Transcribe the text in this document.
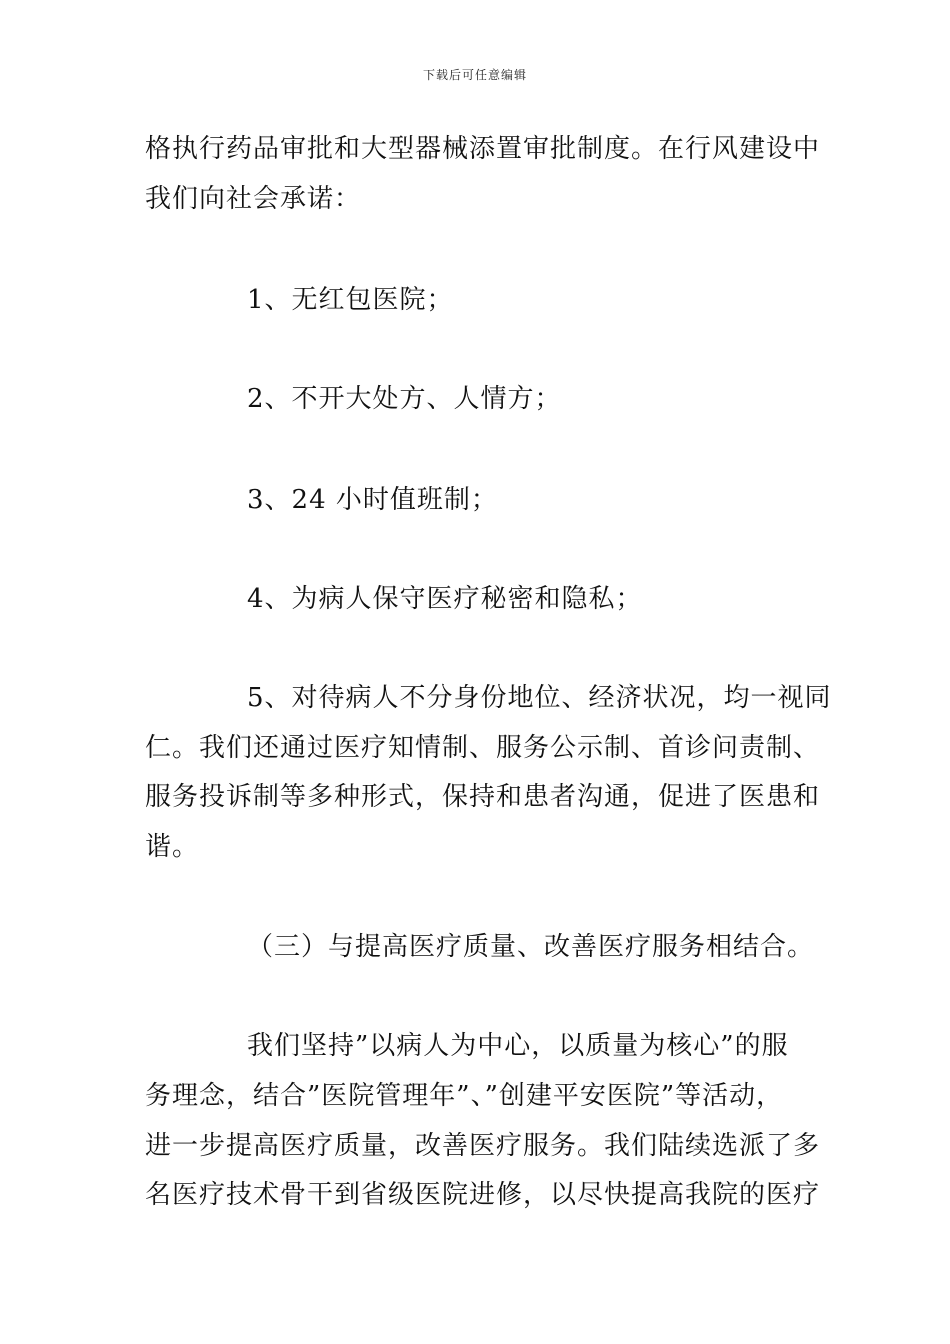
下载后可任意编辑
格执行药品审批和大型器械添置审批制度。在行风建设中
我们向社会承诺：
1、无红包医院；
2、不开大处方、人情方；
3、24 小时值班制；
4、为病人保守医疗秘密和隐私；
5、对待病人不分身份地位、经济状况，均一视同
仁。我们还通过医疗知情制、服务公示制、首诊问责制、
服务投诉制等多种形式，保持和患者沟通，促进了医患和
谐。
（三）与提高医疗质量、改善医疗服务相结合。
我们坚持”以病人为中心，以质量为核心”的服
务理念，结合”医院管理年”、”创建平安医院”等活动，
进一步提高医疗质量，改善医疗服务。我们陆续选派了多
名医疗技术骨干到省级医院进修，以尽快提高我院的医疗
